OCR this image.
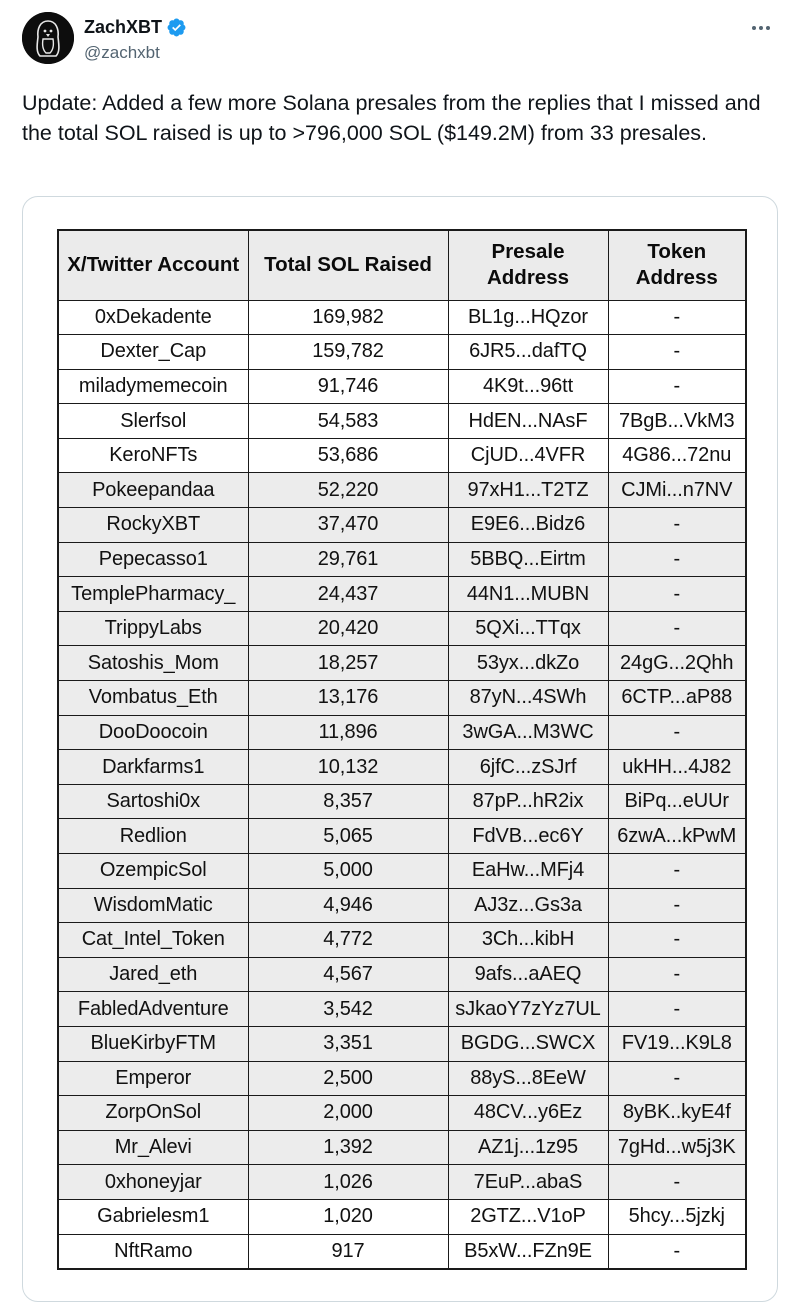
ZachXBT
@zachxbt
Update: Added a few more Solana presales from the replies that I missed and the total SOL raised is up to >796,000 SOL ($149.2M) from 33 presales.
X/Twitter Account	Total SOL Raised	Presale Address	Token Address
0xDekadente	169,982	BL1g...HQzor	-
Dexter_Cap	159,782	6JR5...dafTQ	-
miladymemecoin	91,746	4K9t...96tt	-
Slerfsol	54,583	HdEN...NAsF	7BgB...VkM3
KeroNFTs	53,686	CjUD...4VFR	4G86...72nu
Pokeepandaa	52,220	97xH1...T2TZ	CJMi...n7NV
RockyXBT	37,470	E9E6...Bidz6	-
Pepecasso1	29,761	5BBQ...Eirtm	-
TemplePharmacy_	24,437	44N1...MUBN	-
TrippyLabs	20,420	5QXi...TTqx	-
Satoshis_Mom	18,257	53yx...dkZo	24gG...2Qhh
Vombatus_Eth	13,176	87yN...4SWh	6CTP...aP88
DooDoocoin	11,896	3wGA...M3WC	-
Darkfarms1	10,132	6jfC...zSJrf	ukHH...4J82
Sartoshi0x	8,357	87pP...hR2ix	BiPq...eUUr
Redlion	5,065	FdVB...ec6Y	6zwA...kPwM
OzempicSol	5,000	EaHw...MFj4	-
WisdomMatic	4,946	AJ3z...Gs3a	-
Cat_Intel_Token	4,772	3Ch...kibH	-
Jared_eth	4,567	9afs...aAEQ	-
FabledAdventure	3,542	sJkaoY7zYz7UL	-
BlueKirbyFTM	3,351	BGDG...SWCX	FV19...K9L8
Emperor	2,500	88yS...8EeW	-
ZorpOnSol	2,000	48CV...y6Ez	8yBK..kyE4f
Mr_Alevi	1,392	AZ1j...1z95	7gHd...w5j3K
0xhoneyjar	1,026	7EuP...abaS	-
Gabrielesm1	1,020	2GTZ...V1oP	5hcy...5jzkj
NftRamo	917	B5xW...FZn9E	-
